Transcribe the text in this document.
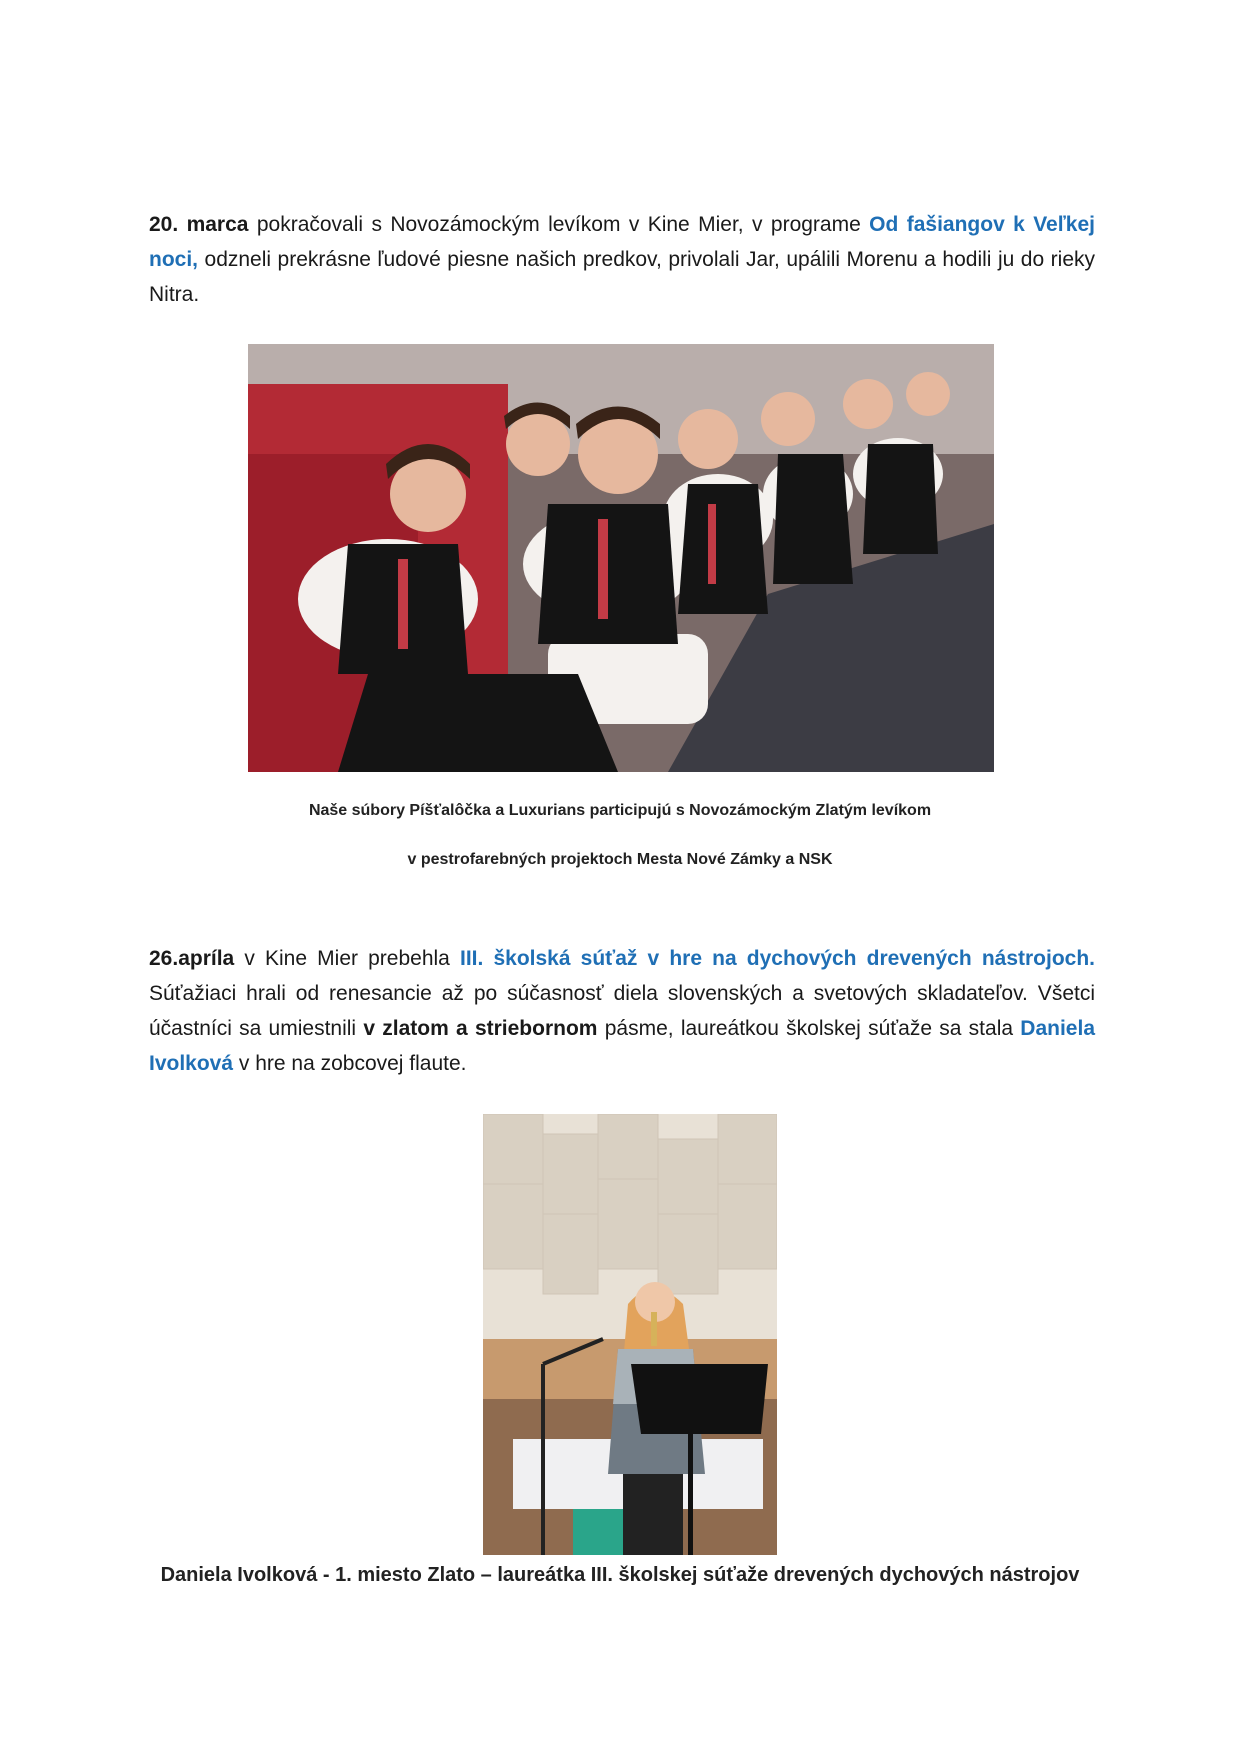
20. marca pokračovali s Novozámockým levíkom v Kine Mier, v programe Od fašiangov k Veľkej noci, odzneli prekrásne ľudové piesne našich predkov, privolali Jar, upálili Morenu a hodili ju do rieky Nitra.

Naše súbory Píšťalôčka a Luxurians participujú s Novozámockým Zlatým levíkom
v pestrofarebných projektoch Mesta Nové Zámky a NSK

26.apríla v Kine Mier prebehla III. školská súťaž v hre na dychových drevených nástrojoch. Súťažiaci hrali od renesancie až po súčasnosť diela slovenských a svetových skladateľov. Všetci účastníci sa umiestnili v zlatom a striebornom pásme, laureátkou školskej súťaže sa stala Daniela Ivolková v hre na zobcovej flaute.

Daniela Ivolková - 1. miesto Zlato – laureátka III. školskej súťaže drevených dychových nástrojov
